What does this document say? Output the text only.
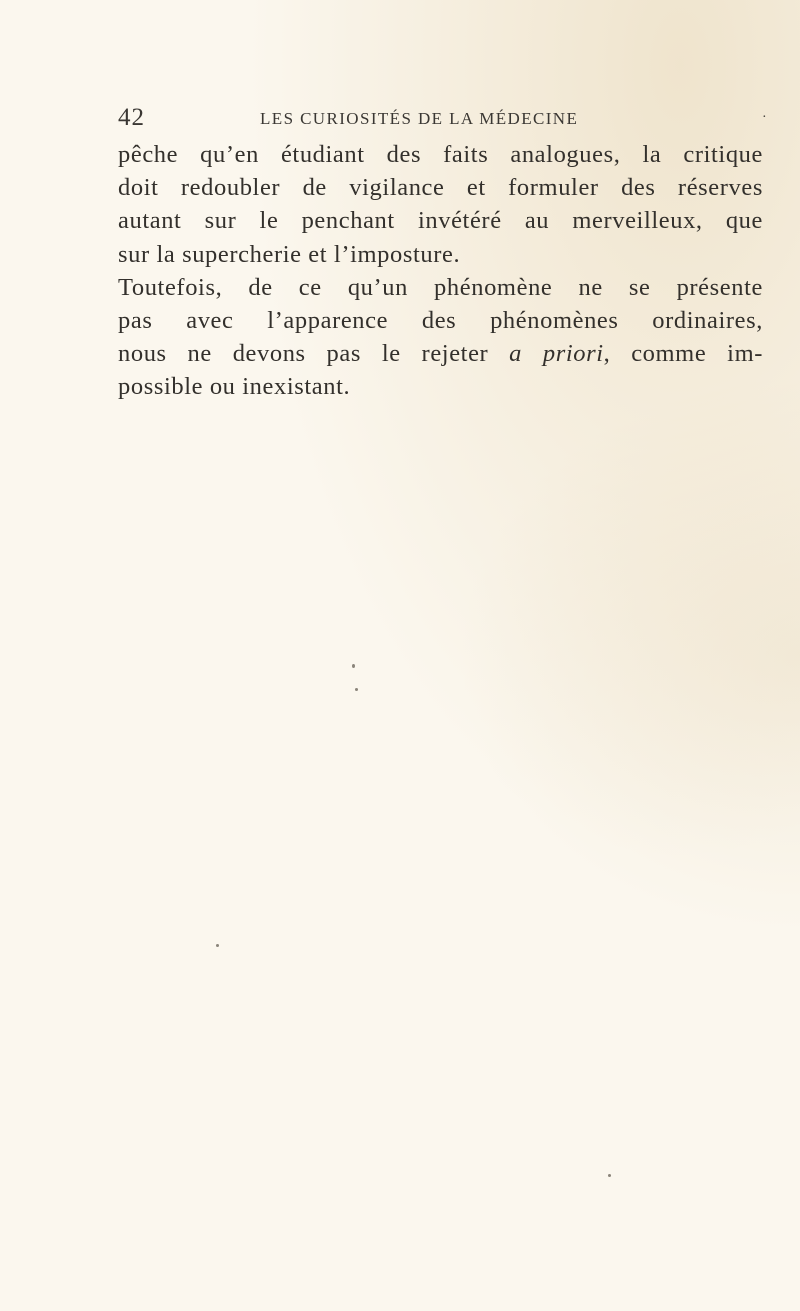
42	LES CURIOSITÉS DE LA MÉDECINE	·
pêche qu’en étudiant des faits analogues, la critique
doit redoubler de vigilance et formuler des réserves
autant sur le penchant invétéré au merveilleux, que
sur la supercherie et l’imposture.
Toutefois, de ce qu’un phénomène ne se présente
pas avec l’apparence des phénomènes ordinaires,
nous ne devons pas le rejeter a priori, comme im-
possible ou inexistant.
